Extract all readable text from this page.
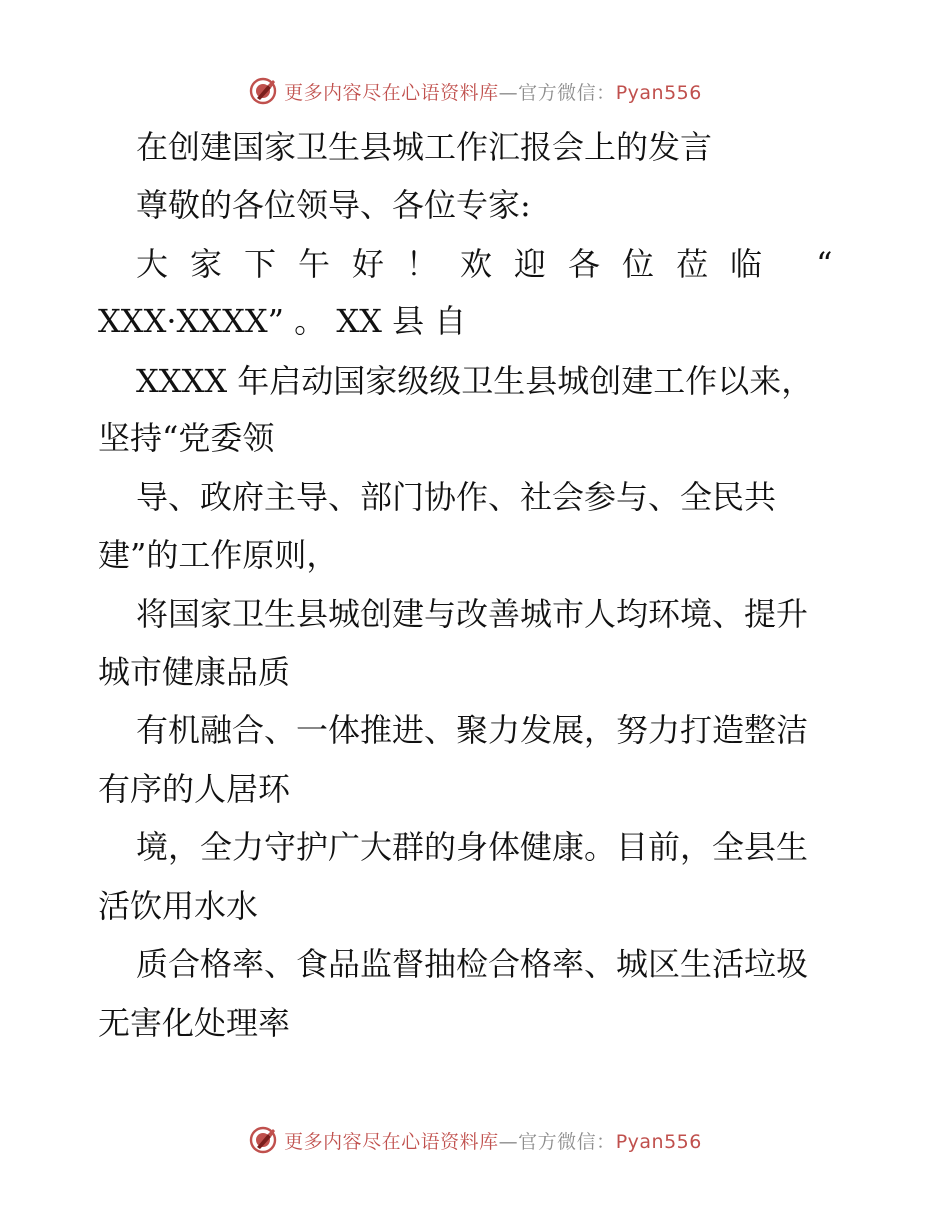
更多内容尽在心语资料库—官方微信：Pyan556
在创建国家卫生县城工作汇报会上的发言
尊敬的各位领导、各位专家:
大家下午好！欢迎各位莅临 “
XXX·XXXX” 。 XX 县 自
XXXX 年启动国家级级卫生县城创建工作以来，
坚持“党委领
导、政府主导、部门协作、社会参与、全民共
建”的工作原则，
将国家卫生县城创建与改善城市人均环境、提升
城市健康品质
有机融合、一体推进、聚力发展，努力打造整洁
有序的人居环
境，全力守护广大群的身体健康。目前，全县生
活饮用水水
质合格率、食品监督抽检合格率、城区生活垃圾
无害化处理率
更多内容尽在心语资料库—官方微信：Pyan556
